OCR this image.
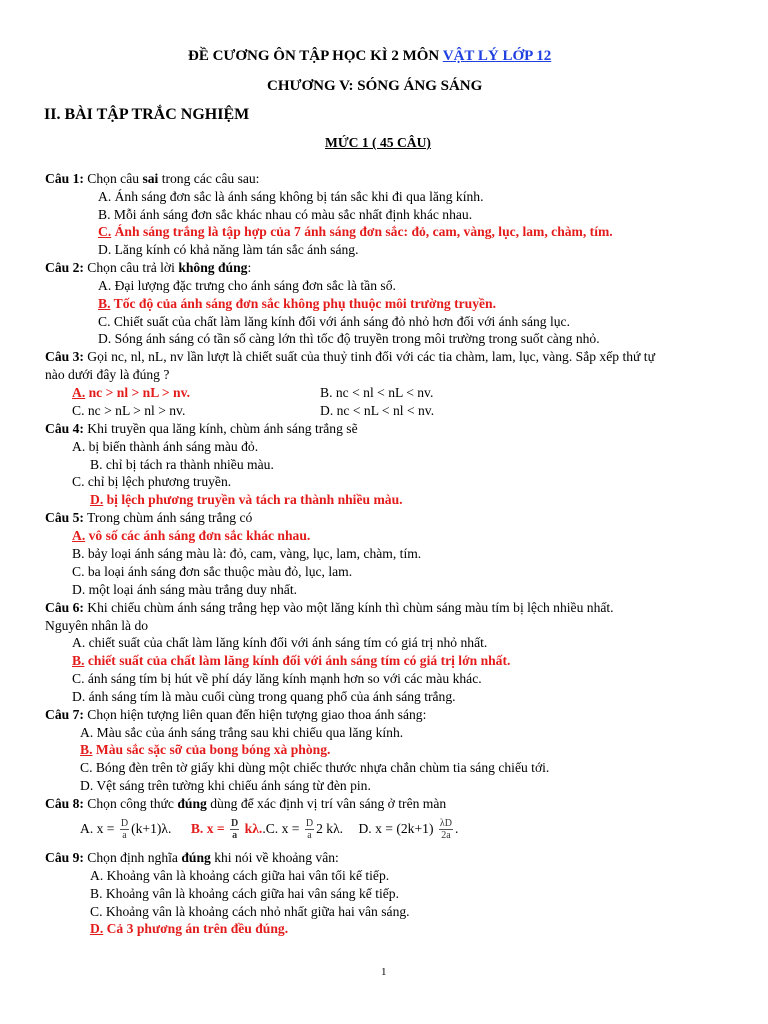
ĐỀ CƯƠNG ÔN TẬP HỌC KÌ 2 MÔN VẬT LÝ LỚP 12
CHƯƠNG V: SÓNG ÁNG SÁNG
II. BÀI TẬP TRẮC NGHIỆM
MỨC 1 ( 45 CÂU)
Câu 1: Chọn câu sai trong các câu sau:
A. Ánh sáng đơn sắc là ánh sáng không bị tán sắc khi đi qua lăng kính.
B. Mỗi ánh sáng đơn sắc khác nhau có màu sắc nhất định khác nhau.
C. Ánh sáng trắng là tập hợp của 7 ánh sáng đơn sắc: đỏ, cam, vàng, lục, lam, chàm, tím.
D. Lăng kính có khả năng làm tán sắc ánh sáng.
Câu 2: Chọn câu trả lời không đúng:
A. Đại lượng đặc trưng cho ánh sáng đơn sắc là tần số.
B. Tốc độ của ánh sáng đơn sắc không phụ thuộc môi trường truyền.
C. Chiết suất của chất làm lăng kính đối với ánh sáng đỏ nhỏ hơn đối với ánh sáng lục.
D. Sóng ánh sáng có tần số càng lớn thì tốc độ truyền trong môi trường trong suốt càng nhỏ.
Câu 3: Gọi nc, nl, nL, nv lần lượt là chiết suất của thuỷ tinh đối với các tia chàm, lam, lục, vàng. Sắp xếp thứ tự
nào dưới đây là đúng ?
A. nc > nl > nL > nv.	B. nc < nl < nL < nv.
C. nc > nL > nl > nv.	D. nc < nL < nl < nv.
Câu 4: Khi truyền qua lăng kính, chùm ánh sáng trắng sẽ
A. bị biến thành ánh sáng màu đỏ.
B. chỉ bị tách ra thành nhiều màu.
C. chỉ bị lệch phương truyền.
D. bị lệch phương truyền và tách ra thành nhiều màu.
Câu 5: Trong chùm ánh sáng trắng có
A. vô số các ánh sáng đơn sắc khác nhau.
B. bảy loại ánh sáng màu là: đỏ, cam, vàng, lục, lam, chàm, tím.
C. ba loại ánh sáng đơn sắc thuộc màu đỏ, lục, lam.
D. một loại ánh sáng màu trắng duy nhất.
Câu 6: Khi chiếu chùm ánh sáng trắng hẹp vào một lăng kính thì chùm sáng màu tím bị lệch nhiều nhất.
Nguyên nhân là do
A. chiết suất của chất làm lăng kính đối với ánh sáng tím có giá trị nhỏ nhất.
B. chiết suất của chất làm lăng kính đối với ánh sáng tím có giá trị lớn nhất.
C. ánh sáng tím bị hút về phí dáy lăng kính mạnh hơn so với các màu khác.
D. ánh sáng tím là màu cuối cùng trong quang phổ của ánh sáng trắng.
Câu 7: Chọn hiện tượng liên quan đến hiện tượng giao thoa ánh sáng:
A. Màu sắc của ánh sáng trắng sau khi chiếu qua lăng kính.
B. Màu sắc sặc sỡ của bong bóng xà phòng.
C. Bóng đèn trên tờ giấy khi dùng một chiếc thước nhựa chắn chùm tia sáng chiếu tới.
D. Vệt sáng trên tường khi chiếu ánh sáng từ đèn pin.
Câu 8: Chọn công thức đúng dùng để xác định vị trí vân sáng ở trên màn
A. $x = \frac{D}{a} (k+1)\lambda$. B. $x = \frac{D}{a} k\lambda..C$. $x = \frac{D}{a} 2$ kλ. D. $x = (2k+1) \frac{\lambda D}{2a}$ .
Câu 9: Chọn định nghĩa đúng khi nói về khoảng vân:
A. Khoảng vân là khoảng cách giữa hai vân tối kế tiếp.
B. Khoảng vân là khoảng cách giữa hai vân sáng kế tiếp.
C. Khoảng vân là khoảng cách nhỏ nhất giữa hai vân sáng.
D. Cả 3 phương án trên đều đúng.
1
